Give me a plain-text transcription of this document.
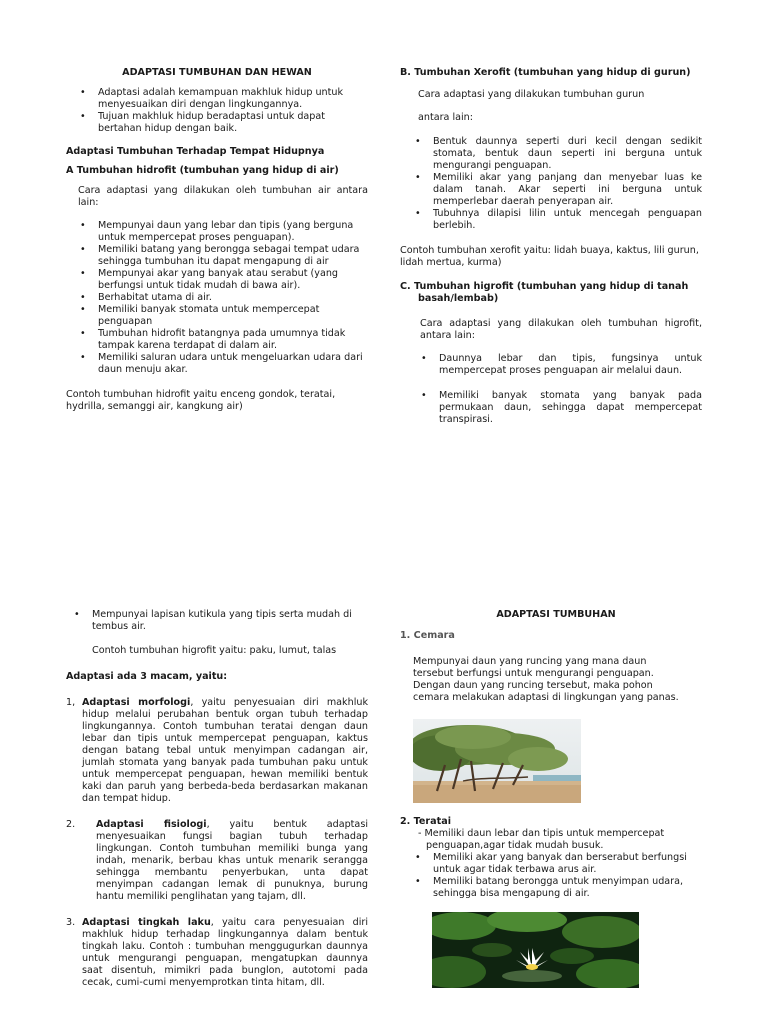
ADAPTASI TUMBUHAN DAN HEWAN

• Adaptasi adalah kemampuan makhluk hidup untuk menyesuaikan diri dengan lingkungannya.
• Tujuan makhluk hidup beradaptasi untuk dapat bertahan hidup dengan baik.

Adaptasi Tumbuhan Terhadap Tempat Hidupnya

A Tumbuhan hidrofit (tumbuhan yang hidup di air)

Cara adaptasi yang dilakukan oleh tumbuhan air antara lain:

• Mempunyai daun yang lebar dan tipis (yang berguna untuk mempercepat proses penguapan).
• Memiliki batang yang berongga sebagai tempat udara sehingga tumbuhan itu dapat mengapung di air
• Mempunyai akar yang banyak atau serabut (yang berfungsi untuk tidak mudah di bawa air).
• Berhabitat utama di air.
• Memiliki banyak stomata untuk mempercepat penguapan
• Tumbuhan hidrofit batangnya pada umumnya tidak tampak karena terdapat di dalam air.
• Memiliki saluran udara untuk mengeluarkan udara dari daun menuju akar.

Contoh tumbuhan hidrofit yaitu enceng gondok, teratai, hydrilla, semanggi air, kangkung air)

B. Tumbuhan Xerofit (tumbuhan yang hidup di gurun)

Cara adaptasi yang dilakukan tumbuhan gurun

antara lain:

• Bentuk daunnya seperti duri kecil dengan sedikit stomata, bentuk daun seperti ini berguna untuk mengurangi penguapan.
• Memiliki akar yang panjang dan menyebar luas ke dalam tanah. Akar seperti ini berguna untuk memperlebar daerah penyerapan air.
• Tubuhnya dilapisi lilin untuk mencegah penguapan berlebih.

Contoh tumbuhan xerofit yaitu: lidah buaya, kaktus, lili gurun, lidah mertua, kurma)

C. Tumbuhan higrofit (tumbuhan yang hidup di tanah basah/lembab)

Cara adaptasi yang dilakukan oleh tumbuhan higrofit, antara lain:

• Daunnya lebar dan tipis, fungsinya untuk mempercepat proses penguapan air melalui daun.
• Memiliki banyak stomata yang banyak pada permukaan daun, sehingga dapat mempercepat transpirasi.
• Mempunyai lapisan kutikula yang tipis serta mudah di tembus air.

Contoh tumbuhan higrofit yaitu: paku, lumut, talas

Adaptasi ada 3 macam, yaitu:

1, Adaptasi morfologi, yaitu penyesuaian diri makhluk hidup melalui perubahan bentuk organ tubuh terhadap lingkungannya. Contoh tumbuhan teratai dengan daun lebar dan tipis untuk mempercepat penguapan, kaktus dengan batang tebal untuk menyimpan cadangan air, jumlah stomata yang banyak pada tumbuhan paku untuk untuk mempercepat penguapan, hewan memiliki bentuk kaki dan paruh yang berbeda-beda berdasarkan makanan dan tempat hidup.

2. Adaptasi fisiologi, yaitu bentuk adaptasi menyesuaikan fungsi bagian tubuh terhadap lingkungan. Contoh tumbuhan memiliki bunga yang indah, menarik, berbau khas untuk menarik serangga sehingga membantu penyerbukan, unta dapat menyimpan cadangan lemak di punuknya, burung hantu memiliki penglihatan yang tajam, dll.

3. Adaptasi tingkah laku, yaitu cara penyesuaian diri makhluk hidup terhadap lingkungannya dalam bentuk tingkah laku. Contoh : tumbuhan menggugurkan daunnya untuk mengurangi penguapan, mengatupkan daunnya saat disentuh, mimikri pada bunglon, autotomi pada cecak, cumi-cumi menyemprotkan tinta hitam, dll.

ADAPTASI TUMBUHAN

1. Cemara

Mempunyai daun yang runcing yang mana daun

tersebut berfungsi untuk mengurangi penguapan.

Dengan daun yang runcing tersebut, maka pohon

cemara melakukan adaptasi di lingkungan yang panas.

2. Teratai

- Memiliki daun lebar dan tipis untuk mempercepat

penguapan,agar tidak mudah busuk.

• Memiliki akar yang banyak dan berserabut berfungsi untuk agar tidak terbawa arus air.
• Memiliki batang berongga untuk menyimpan udara, sehingga bisa mengapung di air.
